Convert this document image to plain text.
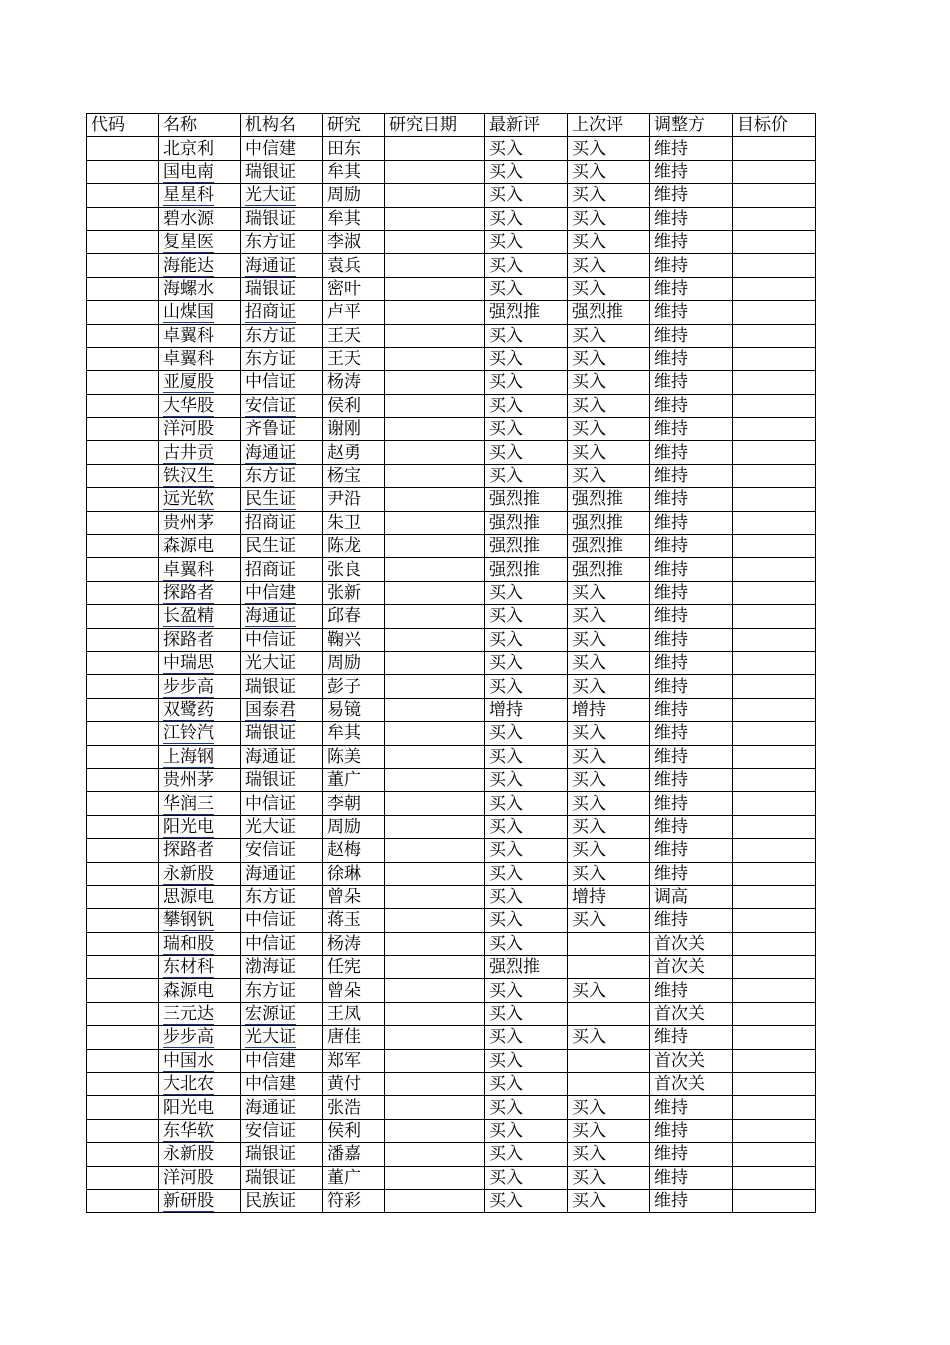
代码	名称	机构名	研究	研究日期	最新评	上次评	调整方	目标价
	北京利	中信建	田东		买入	买入	维持	
	国电南	瑞银证	牟其		买入	买入	维持	
	星星科	光大证	周励		买入	买入	维持	
	碧水源	瑞银证	牟其		买入	买入	维持	
	复星医	东方证	李淑		买入	买入	维持	
	海能达	海通证	袁兵		买入	买入	维持	
	海螺水	瑞银证	密叶		买入	买入	维持	
	山煤国	招商证	卢平		强烈推	强烈推	维持	
	卓翼科	东方证	王天		买入	买入	维持	
	卓翼科	东方证	王天		买入	买入	维持	
	亚厦股	中信证	杨涛		买入	买入	维持	
	大华股	安信证	侯利		买入	买入	维持	
	洋河股	齐鲁证	谢刚		买入	买入	维持	
	古井贡	海通证	赵勇		买入	买入	维持	
	铁汉生	东方证	杨宝		买入	买入	维持	
	远光软	民生证	尹沿		强烈推	强烈推	维持	
	贵州茅	招商证	朱卫		强烈推	强烈推	维持	
	森源电	民生证	陈龙		强烈推	强烈推	维持	
	卓翼科	招商证	张良		强烈推	强烈推	维持	
	探路者	中信建	张新		买入	买入	维持	
	长盈精	海通证	邱春		买入	买入	维持	
	探路者	中信证	鞠兴		买入	买入	维持	
	中瑞思	光大证	周励		买入	买入	维持	
	步步高	瑞银证	彭子		买入	买入	维持	
	双鹭药	国泰君	易镜		增持	增持	维持	
	江铃汽	瑞银证	牟其		买入	买入	维持	
	上海钢	海通证	陈美		买入	买入	维持	
	贵州茅	瑞银证	董广		买入	买入	维持	
	华润三	中信证	李朝		买入	买入	维持	
	阳光电	光大证	周励		买入	买入	维持	
	探路者	安信证	赵梅		买入	买入	维持	
	永新股	海通证	徐琳		买入	买入	维持	
	思源电	东方证	曾朵		买入	增持	调高	
	攀钢钒	中信证	蒋玉		买入	买入	维持	
	瑞和股	中信证	杨涛		买入		首次关	
	东材科	渤海证	任宪		强烈推		首次关	
	森源电	东方证	曾朵		买入	买入	维持	
	三元达	宏源证	王凤		买入		首次关	
	步步高	光大证	唐佳		买入	买入	维持	
	中国水	中信建	郑军		买入		首次关	
	大北农	中信建	黄付		买入		首次关	
	阳光电	海通证	张浩		买入	买入	维持	
	东华软	安信证	侯利		买入	买入	维持	
	永新股	瑞银证	潘嘉		买入	买入	维持	
	洋河股	瑞银证	董广		买入	买入	维持	
	新研股	民族证	符彩		买入	买入	维持	
